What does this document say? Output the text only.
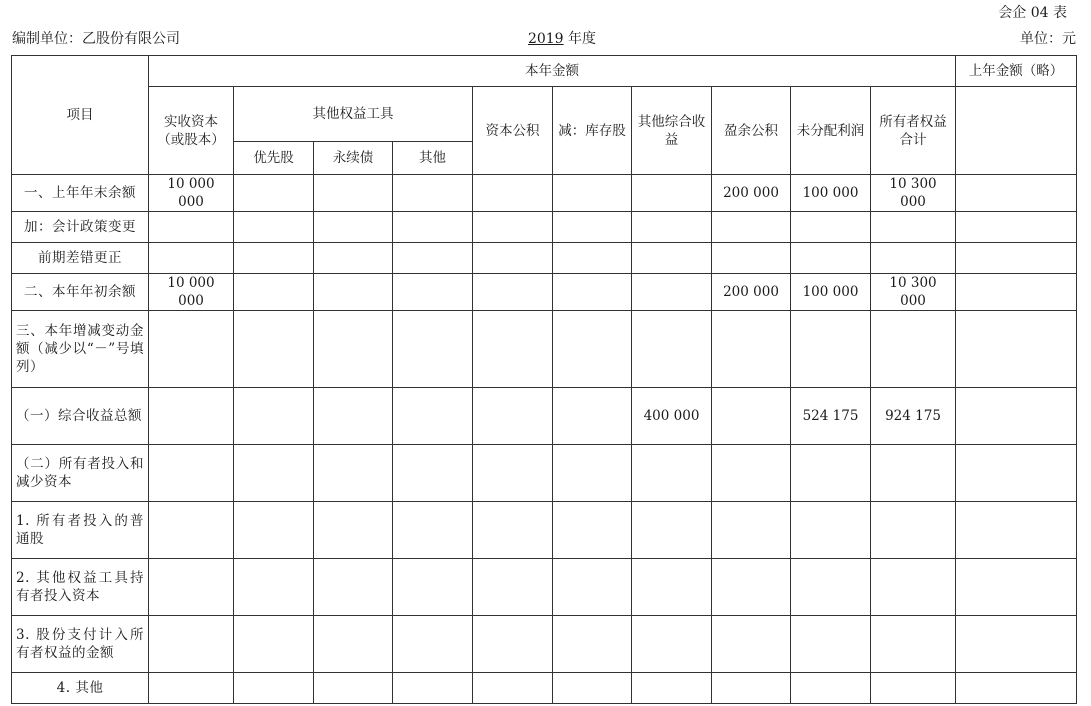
会企 04 表
编制单位：乙股份有限公司	2019 年度	单位：元
项目	本年金额										上年金额（略）
	实收资本（或股本）	其他权益工具			资本公积	减：库存股	其他综合收益	盈余公积	未分配利润	所有者权益合计	
		优先股	永续债	其他							
一、上年年末余额	10 000 000							200 000	100 000	10 300 000	
加：会计政策变更											
前期差错更正											
二、本年年初余额	10 000 000							200 000	100 000	10 300 000	
三、本年增减变动金额（减少以“－”号填列）											
（一）综合收益总额							400 000		524 175	924 175	
（二）所有者投入和减少资本											
1. 所有者投入的普通股											
2. 其他权益工具持有者投入资本											
3. 股份支付计入所有者权益的金额											
4. 其他											
